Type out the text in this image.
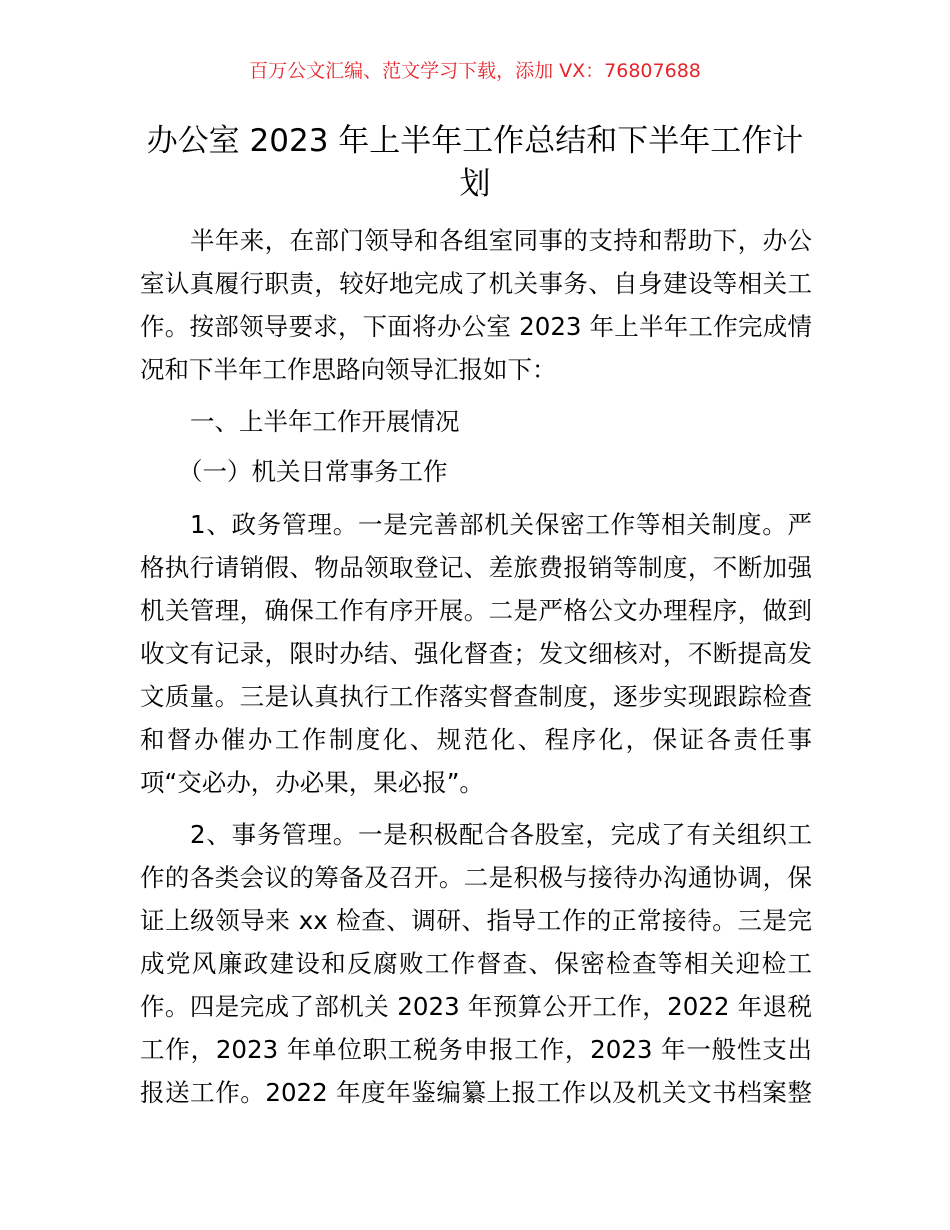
百万公文汇编、范文学习下载，添加 VX：76807688
办公室 2023 年上半年工作总结和下半年工作计
划
半年来，在部门领导和各组室同事的支持和帮助下，办公
室认真履行职责，较好地完成了机关事务、自身建设等相关工
作。按部领导要求，下面将办公室 2023 年上半年工作完成情
况和下半年工作思路向领导汇报如下：
一、上半年工作开展情况
（一）机关日常事务工作
1、政务管理。一是完善部机关保密工作等相关制度。严
格执行请销假、物品领取登记、差旅费报销等制度，不断加强
机关管理，确保工作有序开展。二是严格公文办理程序，做到
收文有记录，限时办结、强化督查；发文细核对，不断提高发
文质量。三是认真执行工作落实督查制度，逐步实现跟踪检查
和督办催办工作制度化、规范化、程序化，保证各责任事
项“交必办，办必果，果必报”。
2、事务管理。一是积极配合各股室，完成了有关组织工
作的各类会议的筹备及召开。二是积极与接待办沟通协调，保
证上级领导来 xx 检查、调研、指导工作的正常接待。三是完
成党风廉政建设和反腐败工作督查、保密检查等相关迎检工
作。四是完成了部机关 2023 年预算公开工作，2022 年退税
工作，2023 年单位职工税务申报工作，2023 年一般性支出
报送工作。2022 年度年鉴编纂上报工作以及机关文书档案整
